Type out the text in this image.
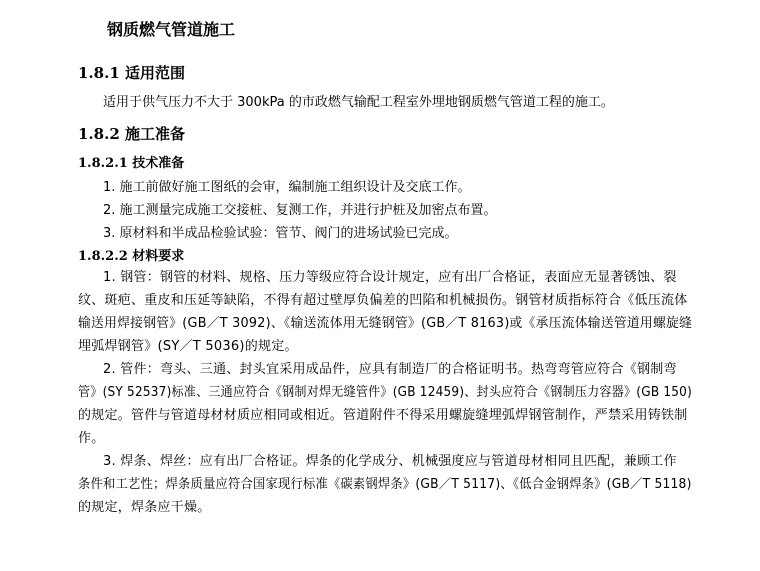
钢质燃气管道施工
1.8.1 适用范围
适用于供气压力不大于 300kPa 的市政燃气输配工程室外埋地钢质燃气管道工程的施工。
1.8.2 施工准备
1.8.2.1 技术准备
1. 施工前做好施工图纸的会审，编制施工组织设计及交底工作。
2. 施工测量完成施工交接桩、复测工作，并进行护桩及加密点布置。
3. 原材料和半成品检验试验：管节、阀门的进场试验已完成。
1.8.2.2 材料要求
1. 钢管：钢管的材料、规格、压力等级应符合设计规定，应有出厂合格证，表面应无显著锈蚀、裂
纹、斑疤、重皮和压延等缺陷，不得有超过壁厚负偏差的凹陷和机械损伤。钢管材质指标符合《低压流体
输送用焊接钢管》(GB／T 3092)、《输送流体用无缝钢管》(GB／T 8163)或《承压流体输送管道用螺旋缝
埋弧焊钢管》(SY／T 5036)的规定。
2. 管件：弯头、三通、封头宜采用成品件，应具有制造厂的合格证明书。热弯弯管应符合《钢制弯
管》(SY 52537)标准、三通应符合《钢制对焊无缝管件》(GB 12459)、封头应符合《钢制压力容器》(GB 150)
的规定。管件与管道母材材质应相同或相近。管道附件不得采用螺旋缝埋弧焊钢管制作，严禁采用铸铁制
作。
3. 焊条、焊丝：应有出厂合格证。焊条的化学成分、机械强度应与管道母材相同且匹配，兼顾工作
条件和工艺性；焊条质量应符合国家现行标准《碳素钢焊条》(GB／T 5117)、《低合金钢焊条》(GB／T 5118)
的规定，焊条应干燥。
